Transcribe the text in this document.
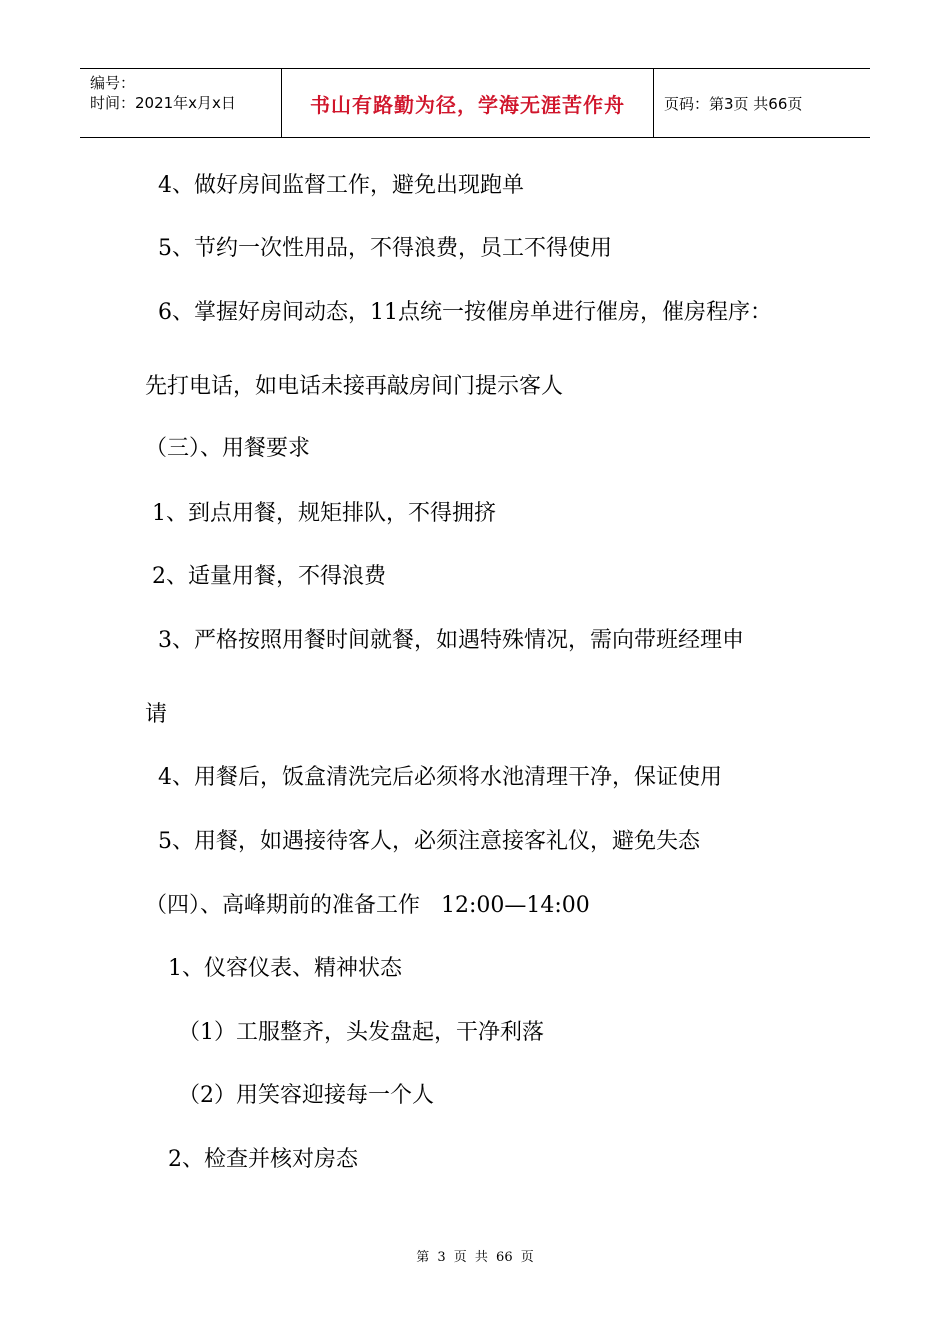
编号：
时间：2021年x月x日	书山有路勤为径，学海无涯苦作舟	页码：第3页 共66页
4、做好房间监督工作，避免出现跑单
5、节约一次性用品，不得浪费，员工不得使用
6、掌握好房间动态，11点统一按催房单进行催房，催房程序：
先打电话，如电话未接再敲房间门提示客人
（三）、用餐要求
1、到点用餐，规矩排队，不得拥挤
2、适量用餐，不得浪费
3、严格按照用餐时间就餐，如遇特殊情况，需向带班经理申
请
4、用餐后，饭盒清洗完后必须将水池清理干净，保证使用
5、用餐，如遇接待客人，必须注意接客礼仪，避免失态
（四）、高峰期前的准备工作   12:00—14:00
1、仪容仪表、精神状态
（1）工服整齐，头发盘起，干净利落
（2）用笑容迎接每一个人
2、检查并核对房态
第 3 页 共 66 页
